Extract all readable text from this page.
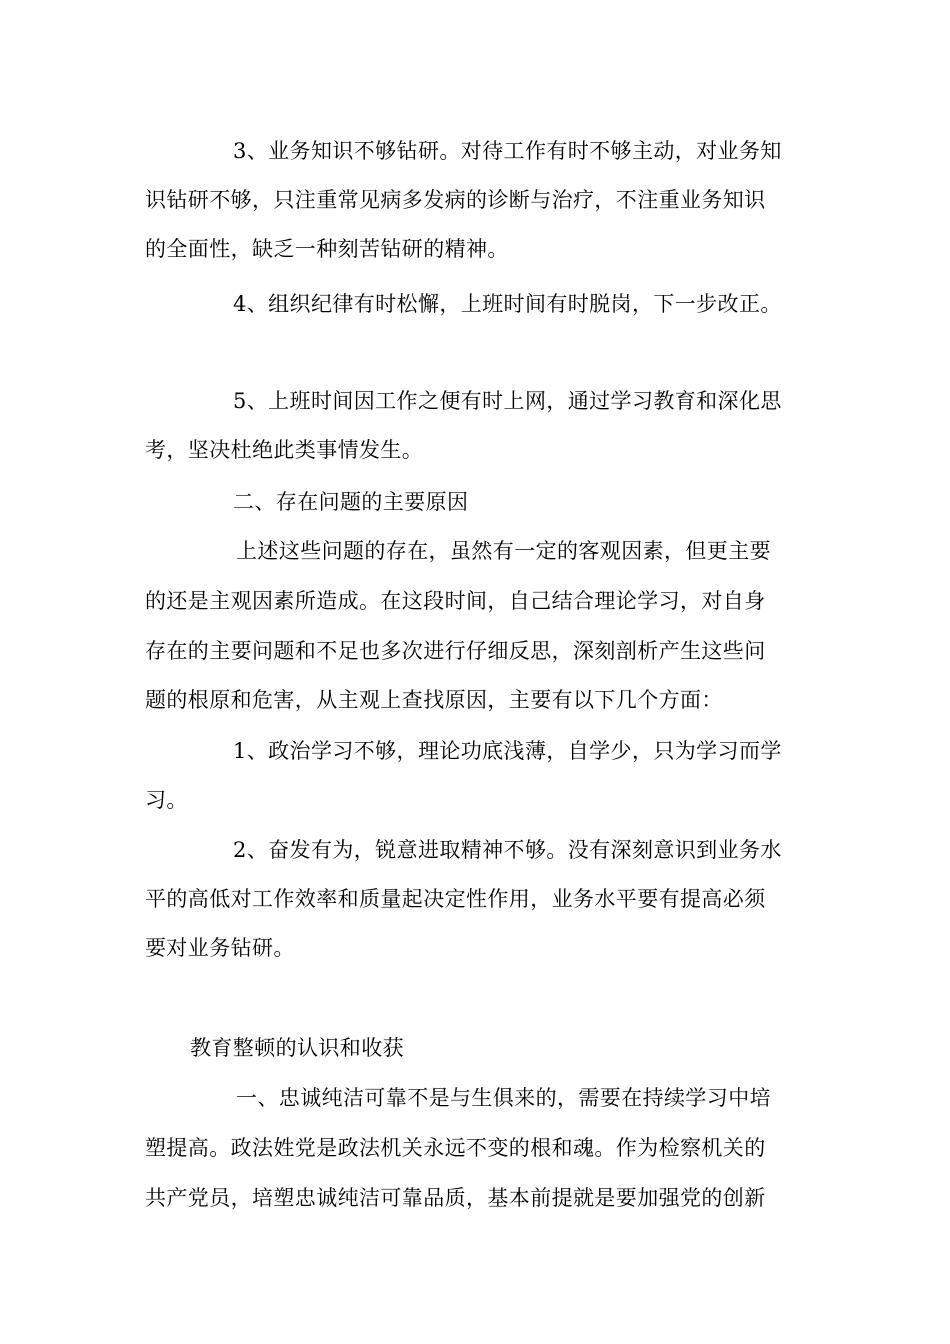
3、业务知识不够钻研。对待工作有时不够主动，对业务知
识钻研不够，只注重常见病多发病的诊断与治疗，不注重业务知识
的全面性，缺乏一种刻苦钻研的精神。
4、组织纪律有时松懈，上班时间有时脱岗，下一步改正。
5、上班时间因工作之便有时上网，通过学习教育和深化思
考，坚决杜绝此类事情发生。
二、存在问题的主要原因
上述这些问题的存在，虽然有一定的客观因素，但更主要
的还是主观因素所造成。在这段时间，自己结合理论学习，对自身
存在的主要问题和不足也多次进行仔细反思，深刻剖析产生这些问
题的根原和危害，从主观上查找原因，主要有以下几个方面：
1、政治学习不够，理论功底浅薄，自学少，只为学习而学
习。
2、奋发有为，锐意进取精神不够。没有深刻意识到业务水
平的高低对工作效率和质量起决定性作用，业务水平要有提高必须
要对业务钻研。
教育整顿的认识和收获
一、忠诚纯洁可靠不是与生俱来的，需要在持续学习中培
塑提高。政法姓党是政法机关永远不变的根和魂。作为检察机关的
共产党员，培塑忠诚纯洁可靠品质，基本前提就是要加强党的创新
